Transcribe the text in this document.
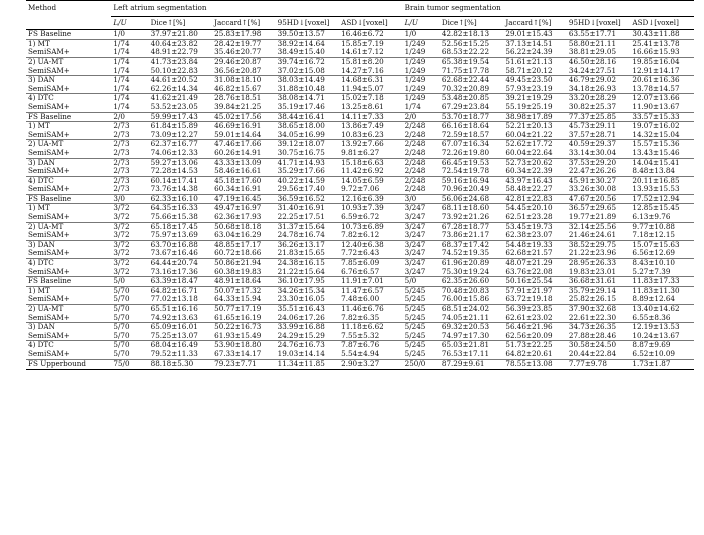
Method	Left atrium segmentation					Brain tumor segmentation				
	L/U	Dice↑[%]	Jaccard↑[%]	95HD↓[voxel]	ASD↓[voxel]	L/U	Dice↑[%]	Jaccard↑[%]	95HD↓[voxel]	ASD↓[voxel]
FS Baseline	1/0	37.97±21.80	25.83±17.98	39.50±13.57	16.46±6.72	1/0	42.82±18.13	29.01±15.43	63.55±17.71	30.43±11.88
1) MT	1/74	40.64±23.82	28.42±19.77	38.92±14.64	15.85±7.19	1/249	52.56±15.25	37.13±14.51	58.80±21.11	25.41±13.78
SemiSAM+	1/74	48.91±22.79	35.46±20.77	38.49±15.40	14.61±7.12	1/249	68.53±22.22	56.22±24.39	38.81±29.05	16.66±15.93
2) UA-MT	1/74	41.73±23.84	29.46±20.87	39.74±16.72	15.81±8.20	1/249	65.38±19.54	51.61±21.13	46.50±28.16	19.85±16.04
SemiSAM+	1/74	50.10±22.83	36.56±20.87	37.02±15.08	14.27±7.16	1/249	71.75±17.78	58.71±20.12	34.24±27.51	12.91±14.17
3) DAN	1/74	44.61±20.52	31.08±18.10	38.03±14.49	14.68±6.31	1/249	62.68±22.44	49.45±23.50	46.79±29.02	20.61±16.36
SemiSAM+	1/74	62.26±14.34	46.82±15.67	31.88±10.48	11.94±5.07	1/249	70.32±20.89	57.93±23.19	34.18±26.93	13.78±14.57
4) DTC	1/74	41.62±21.49	28.76±18.51	38.08±14.71	15.02±7.18	1/249	53.48±20.85	39.21±19.29	33.20±28.29	12.07±13.66
SemiSAM+	1/74	53.52±23.05	39.84±21.25	35.19±17.46	13.25±8.61	1/74	67.29±23.84	55.19±25.19	30.82±25.37	11.90±13.67
FS Baseline	2/0	59.99±17.43	45.02±17.56	38.44±16.41	14.11±7.33	2/0	53.70±18.77	38.98±17.89	77.37±25.85	33.57±15.33
1) MT	2/73	61.84±15.89	46.69±16.91	38.65±18.00	13.86±7.49	2/248	66.16±18.64	52.21±20.13	45.73±29.11	19.07±16.02
SemiSAM+	2/73	73.09±12.27	59.01±14.64	34.05±16.99	10.83±6.23	2/248	72.59±18.57	60.04±21.22	37.57±28.71	14.32±15.04
2) UA-MT	2/73	62.37±16.77	47.46±17.66	39.12±18.07	13.92±7.66	2/248	67.07±16.34	52.62±17.72	40.59±29.37	15.57±15.36
SemiSAM+	2/73	74.06±12.33	60.26±14.91	30.75±16.75	9.81±6.27	2/248	72.26±19.80	60.04±22.64	33.14±30.04	13.43±15.46
3) DAN	2/73	59.27±13.06	43.33±13.09	41.71±14.93	15.18±6.63	2/248	66.45±19.53	52.73±20.62	37.53±29.20	14.04±15.41
SemiSAM+	2/73	72.28±14.53	58.46±16.61	35.29±17.66	11.42±6.92	2/248	72.54±19.78	60.34±22.39	22.47±26.26	8.48±13.84
4) DTC	2/73	60.14±17.41	45.18±17.60	40.22±14.59	14.05±6.59	2/248	59.16±16.94	43.97±16.43	45.91±30.27	20.11±16.85
SemiSAM+	2/73	73.76±14.38	60.34±16.91	29.56±17.40	9.72±7.06	2/248	70.96±20.49	58.48±22.27	33.26±30.08	13.93±15.53
FS Baseline	3/0	62.33±16.10	47.19±16.45	36.59±16.52	12.16±6.39	3/0	56.06±24.68	42.81±22.83	47.67±20.56	17.52±12.94
1) MT	3/72	64.35±16.33	49.47±16.97	31.40±16.91	10.93±7.39	3/247	68.11±18.60	54.45±20.10	36.57±29.65	12.85±15.45
SemiSAM+	3/72	75.66±15.38	62.36±17.93	22.25±17.51	6.59±6.72	3/247	73.92±21.26	62.51±23.28	19.77±21.89	6.13±9.76
2) UA-MT	3/72	65.18±17.45	50.68±18.18	31.37±15.64	10.73±6.89	3/247	67.28±18.77	53.45±19.73	32.14±25.56	9.77±10.88
SemiSAM+	3/72	75.97±13.69	63.04±16.29	24.78±16.74	7.82±6.12	3/247	73.86±21.17	62.38±23.07	21.46±24.61	7.18±12.15
3) DAN	3/72	63.70±16.88	48.85±17.17	36.26±13.17	12.40±6.38	3/247	68.37±17.42	54.48±19.33	38.52±29.75	15.07±15.63
SemiSAM+	3/72	73.67±16.46	60.72±18.66	21.83±15.65	7.72±6.43	3/247	74.52±19.35	62.68±21.57	21.22±23.96	6.56±12.69
4) DTC	3/72	64.44±20.74	50.86±21.94	24.38±16.15	7.85±6.09	3/247	61.96±20.89	48.07±21.29	28.95±26.33	8.43±10.10
SemiSAM+	3/72	73.16±17.36	60.38±19.83	21.22±15.64	6.76±6.57	3/247	75.30±19.24	63.76±22.08	19.83±23.01	5.27±7.39
FS Baseline	5/0	63.39±18.47	48.91±18.64	36.10±17.95	11.91±7.01	5/0	62.35±26.60	50.16±25.54	36.68±31.61	11.83±17.33
1) MT	5/70	64.82±16.71	50.07±17.32	34.26±15.34	11.47±6.57	5/245	70.48±20.83	57.91±21.97	35.79±29.14	11.83±11.30
SemiSAM+	5/70	77.02±13.18	64.33±15.94	23.30±16.05	7.48±6.00	5/245	76.00±15.86	63.72±19.18	25.82±26.15	8.89±12.64
2) UA-MT	5/70	65.51±16.16	50.77±17.19	35.51±16.43	11.46±6.76	5/245	68.51±24.02	56.39±23.85	37.90±32.68	13.40±14.62
SemiSAM+	5/70	74.92±13.63	61.65±16.19	24.06±17.26	7.82±6.35	5/245	74.05±21.11	62.61±23.02	22.61±22.30	6.55±8.36
3) DAN	5/70	65.09±16.01	50.22±16.73	33.99±16.88	11.18±6.62	5/245	69.32±20.53	56.46±21.96	34.73±26.35	12.19±13.53
SemiSAM+	5/70	75.25±13.07	61.93±15.49	24.29±15.29	7.55±5.32	5/245	74.97±17.30	62.56±20.09	27.88±28.46	10.24±13.67
4) DTC	5/70	68.04±16.49	53.90±18.80	24.76±16.73	7.87±6.76	5/245	65.03±21.81	51.73±22.25	30.58±24.50	8.87±9.69
SemiSAM+	5/70	79.52±11.33	67.33±14.17	19.03±14.14	5.54±4.94	5/245	76.53±17.11	64.82±20.61	20.44±22.84	6.52±10.09
FS Upperbound	75/0	88.18±5.30	79.23±7.71	11.34±11.85	2.90±3.27	250/0	87.29±9.61	78.55±13.08	7.77±9.78	1.73±1.87
